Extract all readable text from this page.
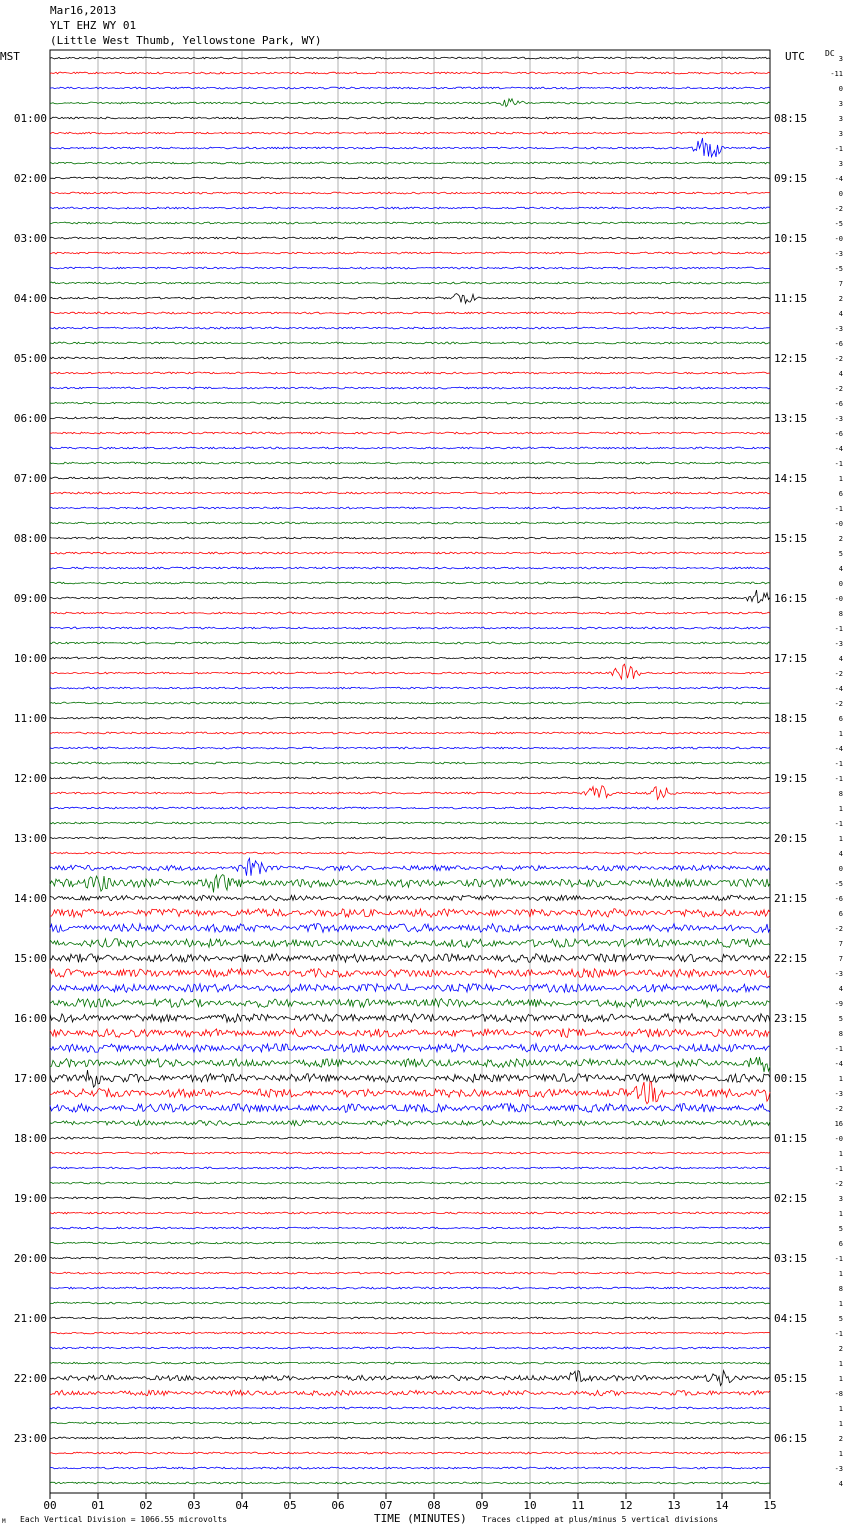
Mar16,2013
YLT EHZ WY 01
(Little West Thumb, Yellowstone Park, WY)
MST	UTC	DC
00	01	02	03	04	05	06	07	08	09	10	11	12	13	14	15
3
-11
0
3
3
01:00	08:15
3
-1
3
-4
02:00	09:15
0
-2
-5
-0
03:00	10:15
-3
-5
7
2
04:00	11:15
4
-3
-6
-2
05:00	12:15
4
-2
-6
-3
06:00	13:15
-6
-4
-1
1
07:00	14:15
6
-1
-0
2
08:00	15:15
5
4
0
-0
09:00	16:15
8
-1
-3
4
10:00	17:15
-2
-4
-2
6
11:00	18:15
1
-4
-1
-1
12:00	19:15
8
1
-1
1
13:00	20:15
4
0
-5
-6
14:00	21:15
6
-2
7
7
15:00	22:15
-3
4
-9
5
16:00	23:15
8
-1
-4
1
17:00	00:15
-3
-2
16
-0
18:00	01:15
1
-1
-2
3
19:00	02:15
1
5
6
-1
20:00	03:15
1
8
1
5
21:00	04:15
-1
2
1
1
22:00	05:15
-8
1
1
2
23:00	06:15
1
-3
4
TIME (MINUTES)
M Each Vertical Division = 1066.55 microvolts	Traces clipped at plus/minus 5 vertical divisions
